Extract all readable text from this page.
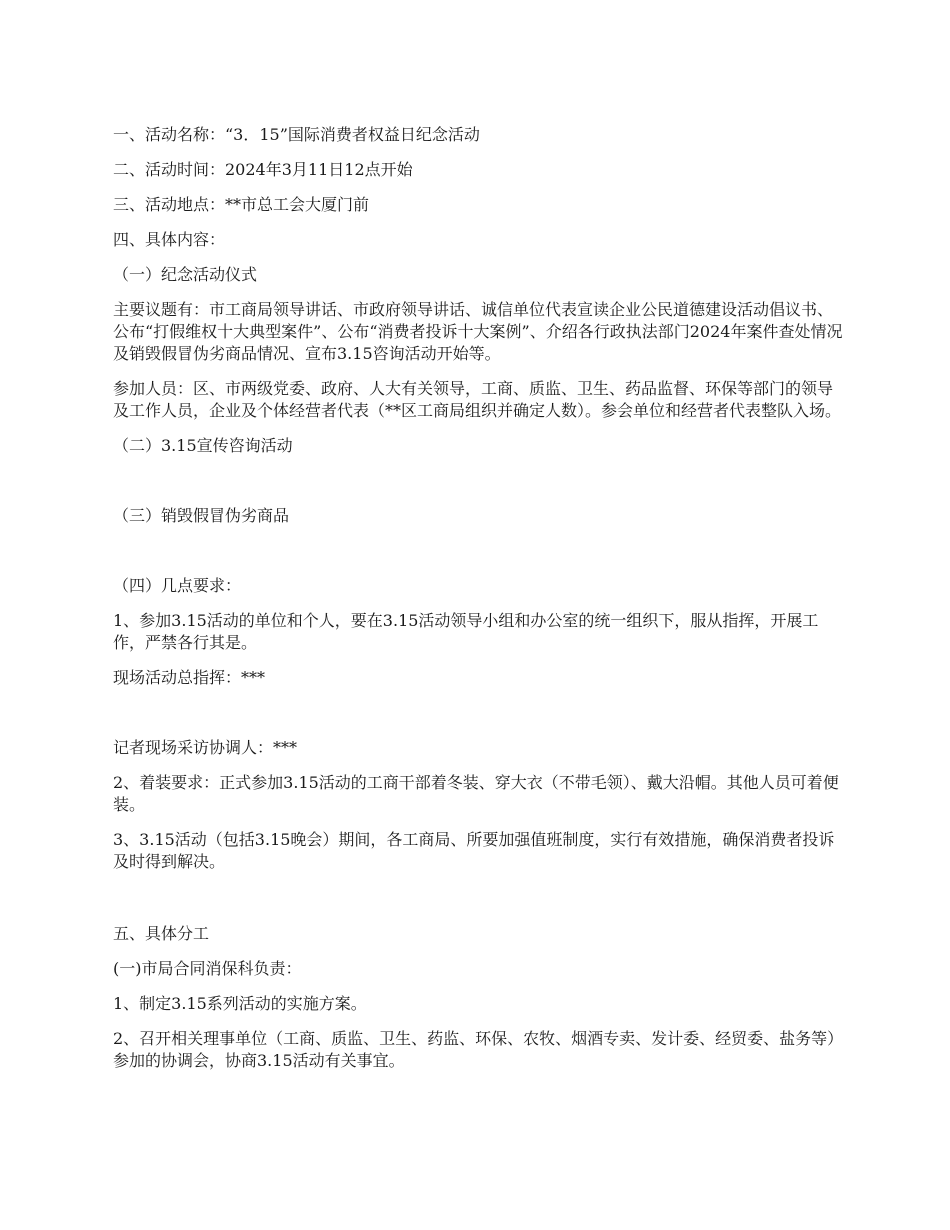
一、活动名称：“3．15”国际消费者权益日纪念活动

二、活动时间：2024年3月11日12点开始

三、活动地点：**市总工会大厦门前

四、具体内容：

（一）纪念活动仪式

主要议题有：市工商局领导讲话、市政府领导讲话、诚信单位代表宣读企业公民道德建设活动倡议书、公布“打假维权十大典型案件”、公布“消费者投诉十大案例”、介绍各行政执法部门2024年案件查处情况及销毁假冒伪劣商品情况、宣布3.15咨询活动开始等。

参加人员：区、市两级党委、政府、人大有关领导，工商、质监、卫生、药品监督、环保等部门的领导及工作人员，企业及个体经营者代表（**区工商局组织并确定人数）。参会单位和经营者代表整队入场。

（二）3.15宣传咨询活动

（三）销毁假冒伪劣商品

（四）几点要求：

1、参加3.15活动的单位和个人，要在3.15活动领导小组和办公室的统一组织下，服从指挥，开展工作，严禁各行其是。

现场活动总指挥：***

记者现场采访协调人：***

2、着装要求：正式参加3.15活动的工商干部着冬装、穿大衣（不带毛领）、戴大沿帽。其他人员可着便装。

3、3.15活动（包括3.15晚会）期间，各工商局、所要加强值班制度，实行有效措施，确保消费者投诉及时得到解决。

五、具体分工

(一)市局合同消保科负责：

1、制定3.15系列活动的实施方案。

2、召开相关理事单位（工商、质监、卫生、药监、环保、农牧、烟酒专卖、发计委、经贸委、盐务等）参加的协调会，协商3.15活动有关事宜。
